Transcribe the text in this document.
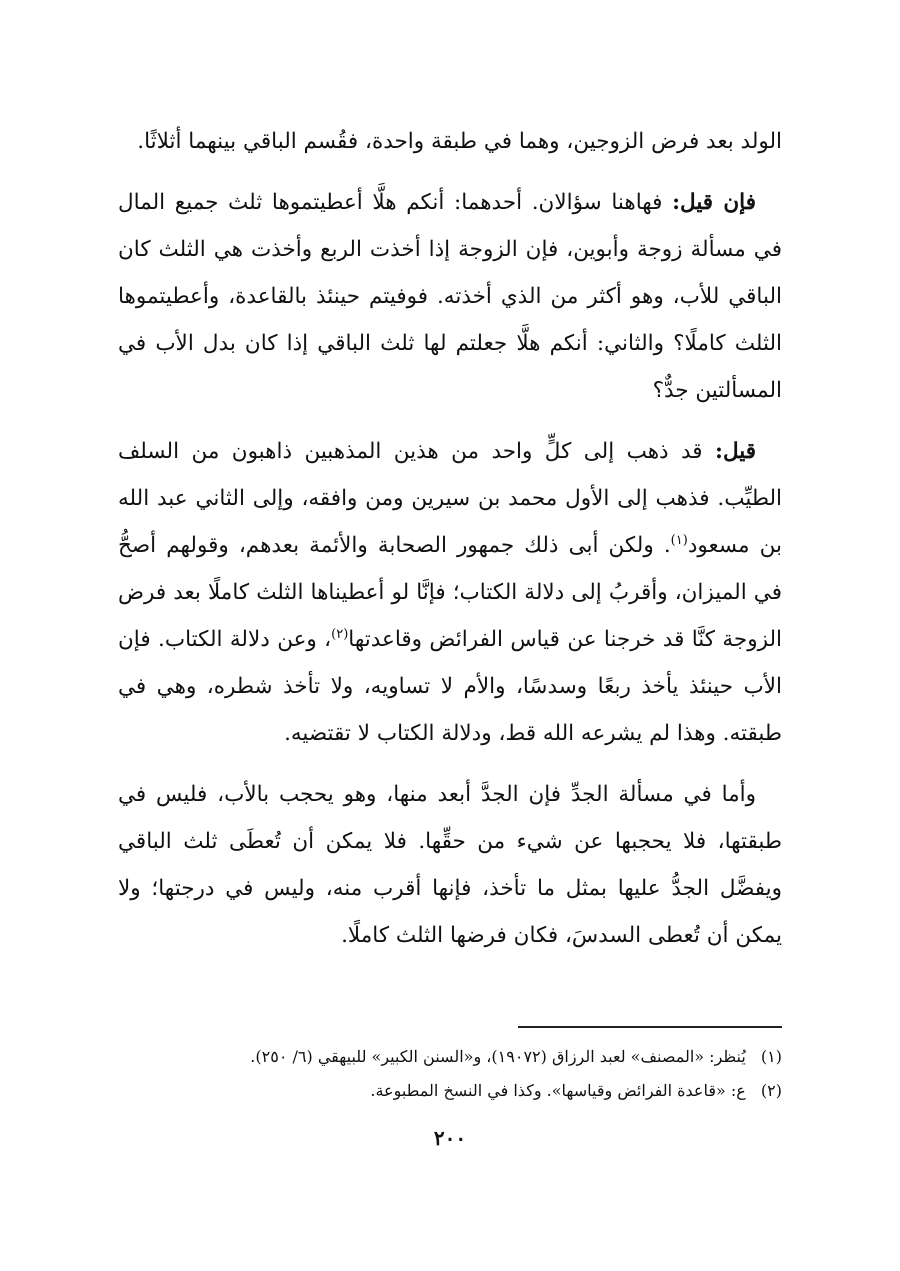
الولد بعد فرض الزوجين، وهما في طبقة واحدة، فقُسم الباقي بينهما أثلاثًا.

فإن قيل: فهاهنا سؤالان. أحدهما: أنكم هلَّا أعطيتموها ثلث جميع المال في مسألة زوجة وأبوين، فإن الزوجة إذا أخذت الربع وأخذت هي الثلث كان الباقي للأب، وهو أكثر من الذي أخذته. فوفيتم حينئذ بالقاعدة، وأعطيتموها الثلث كاملًا؟ والثاني: أنكم هلَّا جعلتم لها ثلث الباقي إذا كان بدل الأب في المسألتين جدٌّ؟

قيل: قد ذهب إلى كلٍّ واحد من هذين المذهبين ذاهبون من السلف الطيِّب. فذهب إلى الأول محمد بن سيرين ومن وافقه، وإلى الثاني عبد الله بن مسعود$^{(١)}$. ولكن أبى ذلك جمهور الصحابة والأئمة بعدهم، وقولهم أصحُّ في الميزان، وأقربُ إلى دلالة الكتاب؛ فإنَّا لو أعطيناها الثلث كاملًا بعد فرض الزوجة كنَّا قد خرجنا عن قياس الفرائض وقاعدتها$^{(٢)}$، وعن دلالة الكتاب. فإن الأب حينئذ يأخذ ربعًا وسدسًا، والأم لا تساويه، ولا تأخذ شطره، وهي في طبقته. وهذا لم يشرعه الله قط، ودلالة الكتاب لا تقتضيه.

وأما في مسألة الجدِّ فإن الجدَّ أبعد منها، وهو يحجب بالأب، فليس في طبقتها، فلا يحجبها عن شيء من حقِّها. فلا يمكن أن تُعطَى ثلث الباقي ويفضَّل الجدُّ عليها بمثل ما تأخذ، فإنها أقرب منه، وليس في درجتها؛ ولا يمكن أن تُعطى السدسَ، فكان فرضها الثلث كاملًا.

(١) يُنظر: «المصنف» لعبد الرزاق (١٩٠٧٢)، و«السنن الكبير» للبيهقي (٦/ ٢٥٠).

(٢) ع: «قاعدة الفرائض وقياسها». وكذا في النسخ المطبوعة.

٢٠٠
